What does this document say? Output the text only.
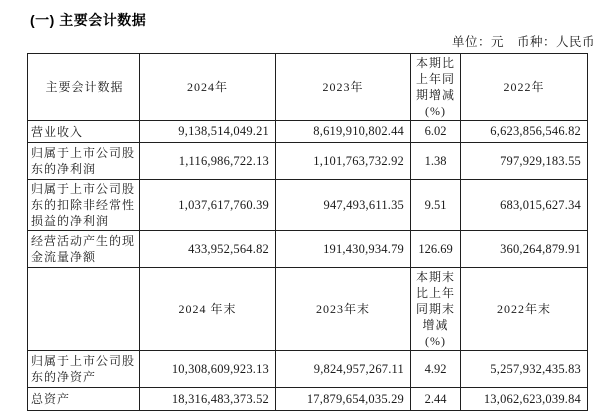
(一) 主要会计数据
单位：元　币种：人民币
主要会计数据	2024年	2023年	本期比上年同期增减(%)	2022年
营业收入	9,138,514,049.21	8,619,910,802.44	6.02	6,623,856,546.82
归属于上市公司股东的净利润	1,116,986,722.13	1,101,763,732.92	1.38	797,929,183.55
归属于上市公司股东的扣除非经常性损益的净利润	1,037,617,760.39	947,493,611.35	9.51	683,015,627.34
经营活动产生的现金流量净额	433,952,564.82	191,430,934.79	126.69	360,264,879.91
	2024 年末	2023年末	本期末比上年同期末增减(%)	2022年末
归属于上市公司股东的净资产	10,308,609,923.13	9,824,957,267.11	4.92	5,257,932,435.83
总资产	18,316,483,373.52	17,879,654,035.29	2.44	13,062,623,039.84
